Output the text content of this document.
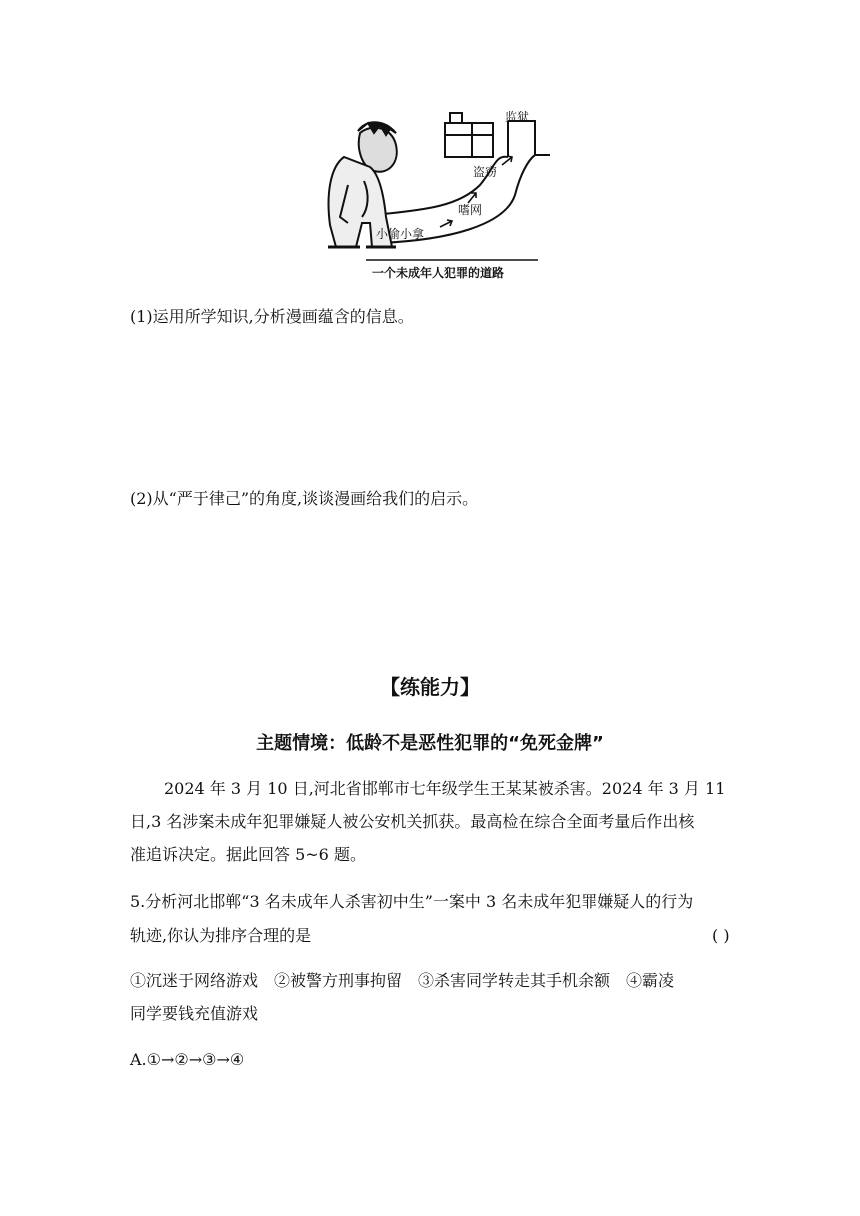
监狱
盗窃
嗜网
小偷小拿
一个未成年人犯罪的道路
(1)运用所学知识,分析漫画蕴含的信息。
(2)从“严于律己”的角度,谈谈漫画给我们的启示。
【练能力】
主题情境：低龄不是恶性犯罪的“免死金牌”
2024 年 3 月 10 日,河北省邯郸市七年级学生王某某被杀害。2024 年 3 月 11
日,3 名涉案未成年犯罪嫌疑人被公安机关抓获。最高检在综合全面考量后作出核
准追诉决定。据此回答 5~6 题。
5.分析河北邯郸“3 名未成年人杀害初中生”一案中 3 名未成年犯罪嫌疑人的行为
轨迹,你认为排序合理的是	( )
①沉迷于网络游戏　②被警方刑事拘留　③杀害同学转走其手机余额　④霸凌
同学要钱充值游戏
A.①→②→③→④
